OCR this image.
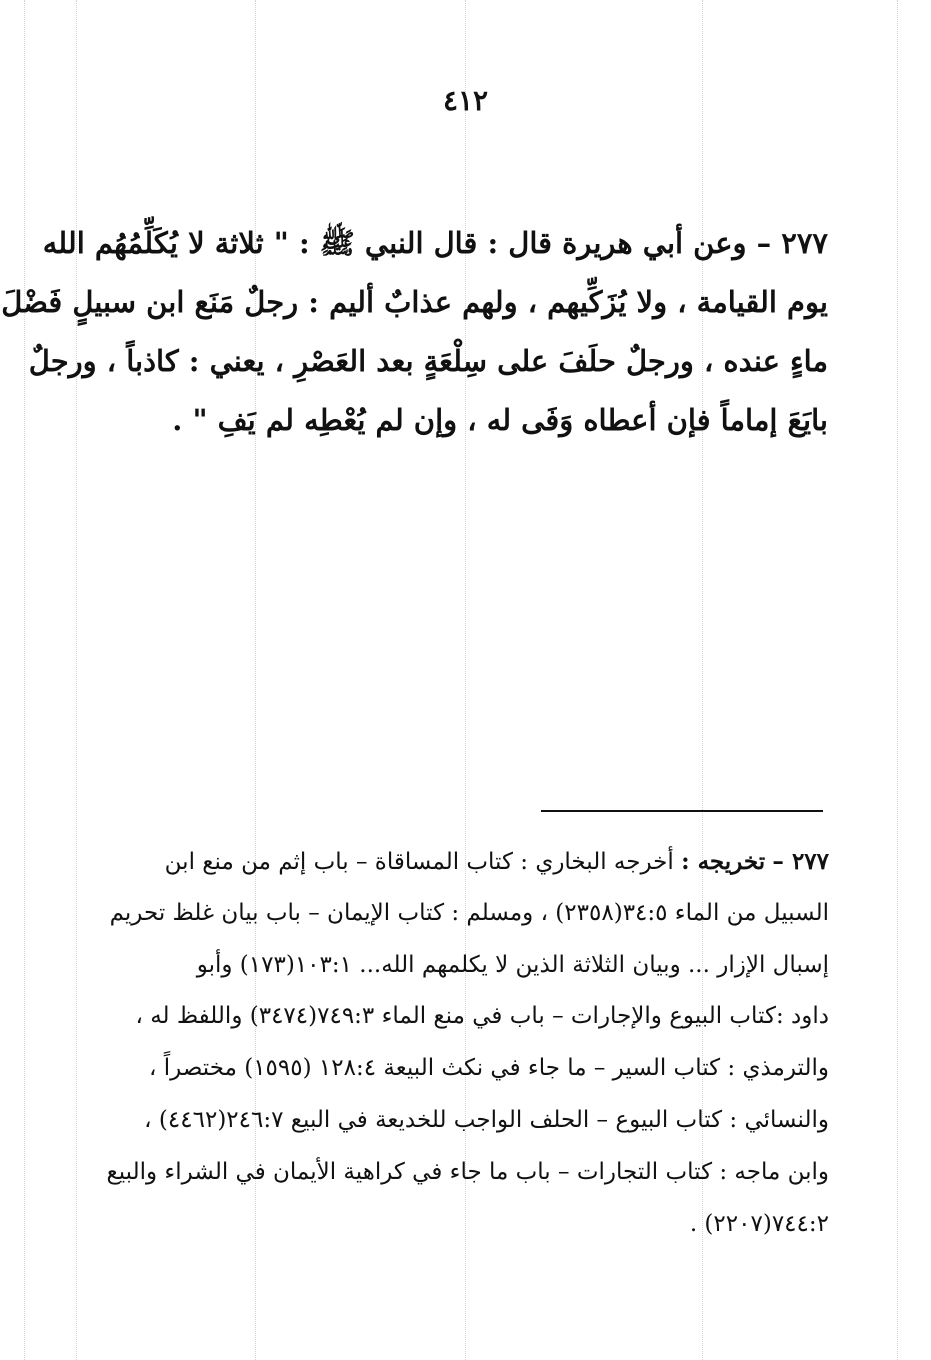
٤١٢
٢٧٧ – وعن أبي هريرة قال : قال النبي ﷺ : " ثلاثة لا يُكَلِّمُهُم الله
يوم القيامة ، ولا يُزَكِّيهم ، ولهم عذابٌ أليم : رجلٌ مَنَع ابن سبيلٍ فَضْلَ
ماءٍ عنده ، ورجلٌ حلَفَ على سِلْعَةٍ بعد العَصْرِ ، يعني : كاذباً ، ورجلٌ
بايَعَ إماماً فإن أعطاه وَفَى له ، وإن لم يُعْطِه لم يَفِ " .
٢٧٧ – تخريجه : أخرجه البخاري : كتاب المساقاة – باب إثم من منع ابن
السبيل من الماء ٣٤:٥(٢٣٥٨) ، ومسلم : كتاب الإيمان – باب بيان غلظ تحريم
إسبال الإزار ... وبيان الثلاثة الذين لا يكلمهم الله... ١٠٣:١(١٧٣) وأبو
داود :كتاب البيوع والإجارات – باب في منع الماء ٧٤٩:٣(٣٤٧٤) واللفظ له ،
والترمذي : كتاب السير – ما جاء في نكث البيعة ١٢٨:٤ (١٥٩٥) مختصراً ،
والنسائي : كتاب البيوع – الحلف الواجب للخديعة في البيع ٢٤٦:٧(٤٤٦٢) ،
وابن ماجه : كتاب التجارات – باب ما جاء في كراهية الأيمان في الشراء والبيع
٧٤٤:٢(٢٢٠٧) .
